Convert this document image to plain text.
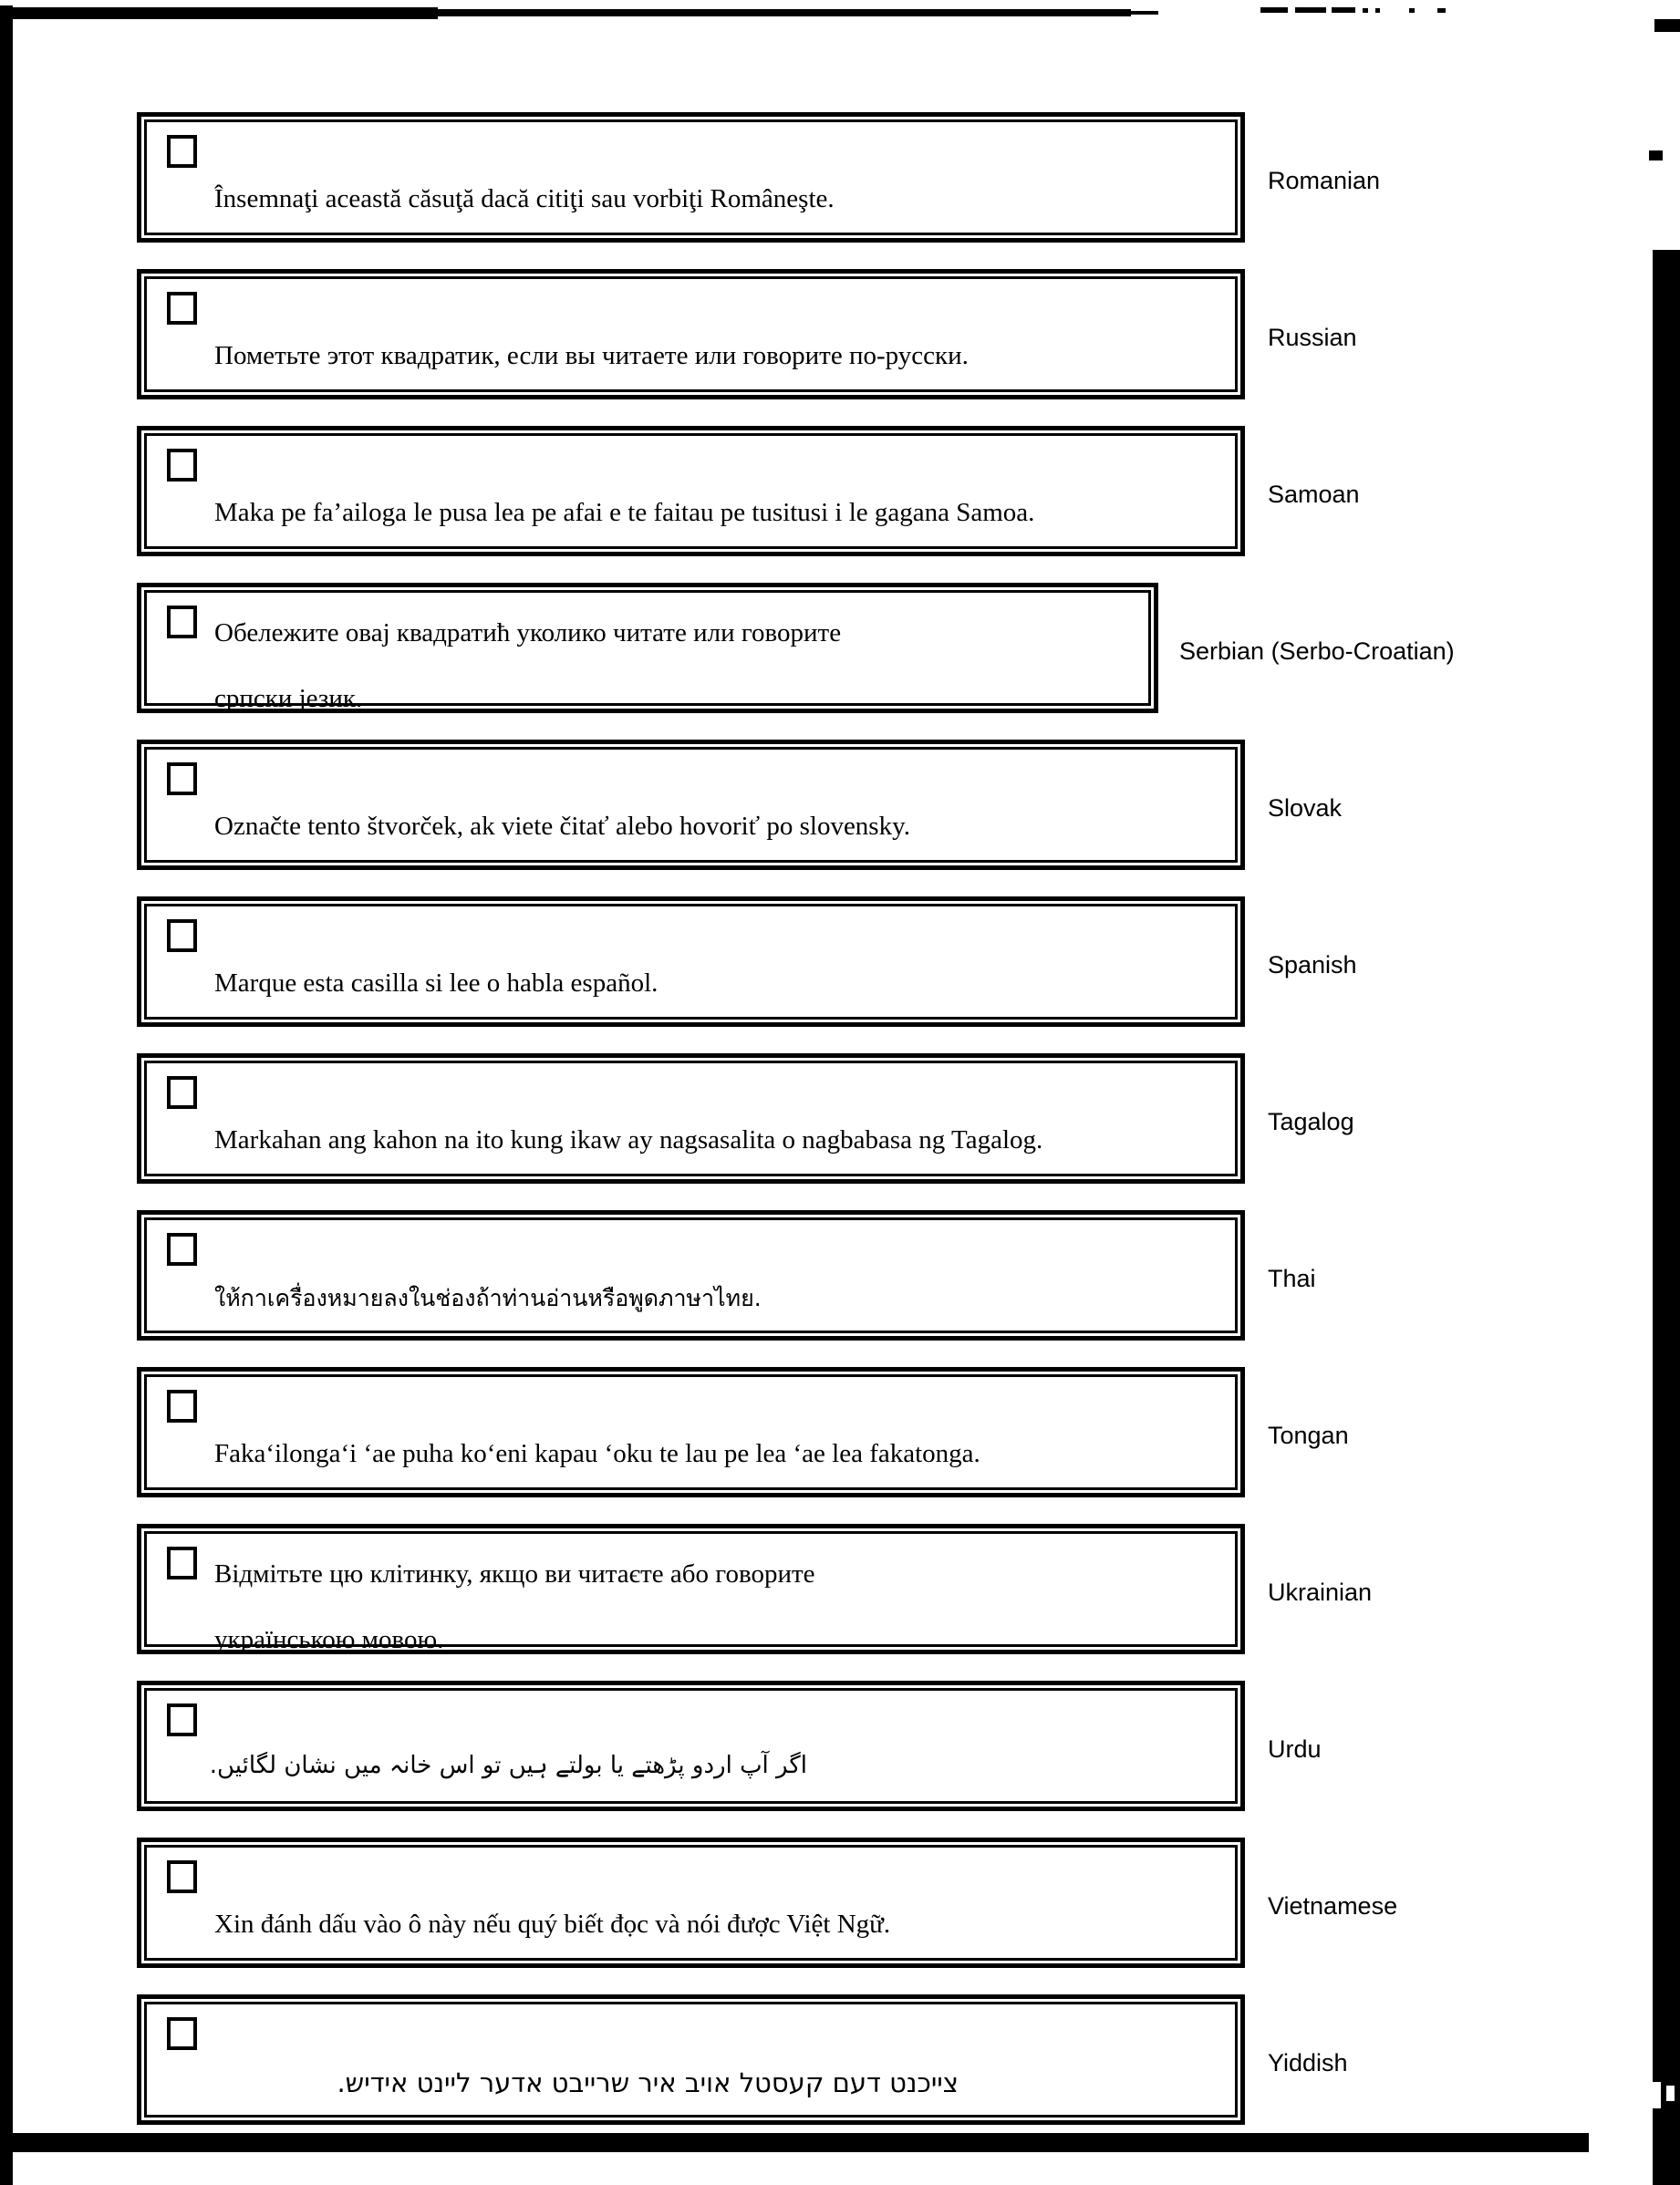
Însemnaţi această căsuţă dacă citiţi sau vorbiţi Româneşte.
Romanian
Пометьте этот квадратик, если вы читаете или говорите по-русски.
Russian
Maka pe fa’ailoga le pusa lea pe afai e te faitau pe tusitusi i le gagana Samoa.
Samoan
Обележите овај квадратић уколико читате или говорите
српски језик.
Serbian (Serbo-Croatian)
Označte tento štvorček, ak viete čitať alebo hovoriť po slovensky.
Slovak
Marque esta casilla si lee o habla español.
Spanish
Markahan ang kahon na ito kung ikaw ay nagsasalita o nagbabasa ng Tagalog.
Tagalog
ให้กาเครื่องหมายลงในช่องถ้าท่านอ่านหรือพูดภาษาไทย.
Thai
Faka‘ilonga‘i ‘ae puha ko‘eni kapau ‘oku te lau pe lea ‘ae lea fakatonga.
Tongan
Відмітьте цю клітинку, якщо ви читаєте або говорите
українською мовою.
Ukrainian
اگر آپ اردو پڑھتے یا بولتے ہیں تو اس خانہ میں نشان لگائیں.
Urdu
Xin đánh dấu vào ô này nếu quý biết đọc và nói được Việt Ngữ.
Vietnamese
צייכנט דעם קעסטל אויב איר שרייבט אדער ליינט אידיש.
Yiddish
